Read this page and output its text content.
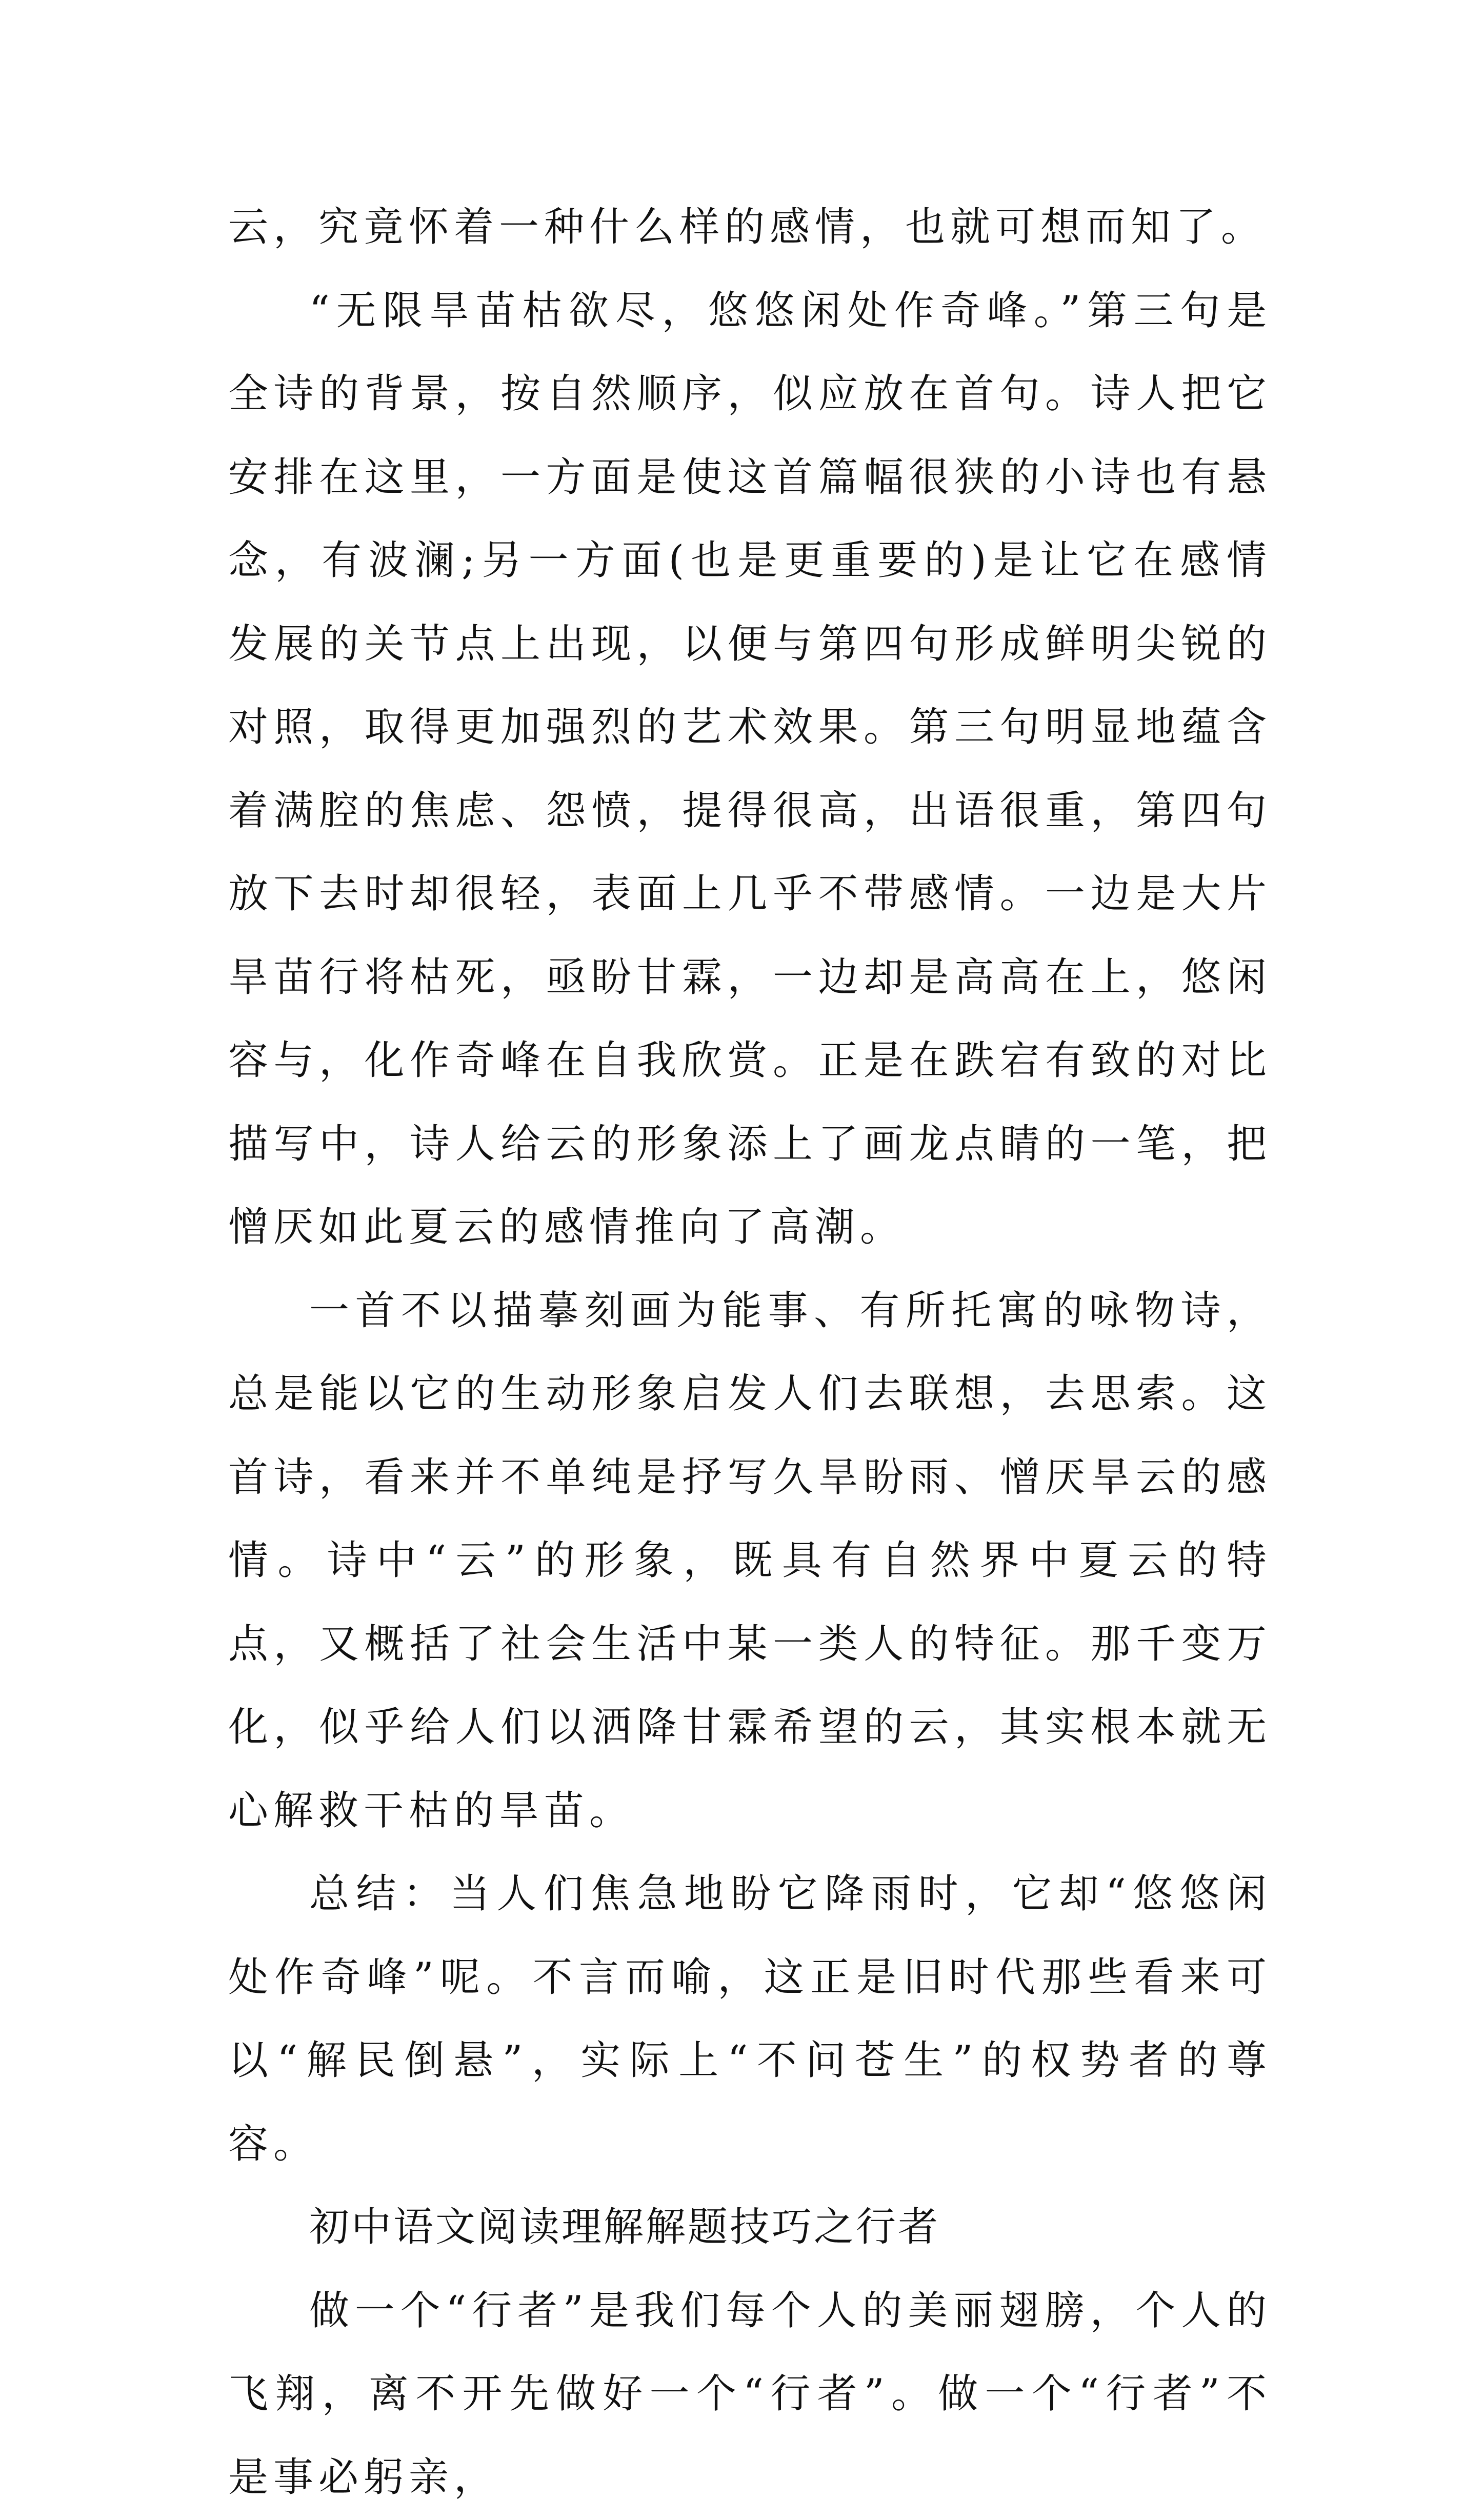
云，究竟怀着一种什么样的感情，也就可想而知了。

“无限旱苗枯欲尽，悠悠闲处作奇峰。”第三句是全诗的背景，按自然顺序，似应放在首句。诗人把它安排在这里，一方面是使这首篇幅很狭的小诗也有悬念，有波澜;另一方面(也是更重要的)是让它在感情发展的关节点上出现，以便与第四句形成鲜明尖锐的对照，取得更加强烈的艺术效果。第三句明显地蕴含着满腔的焦虑、怨愤，提得很高，出语很重，第四句放下去时却很轻，表面上几乎不带感情。一边是大片旱苗行将枯死，亟盼甘霖，一边却是高高在上，悠闲容与，化作奇峰在自我欣赏。正是在跌宕有致的对比描写中，诗人给云的形象添上了画龙点睛的一笔，把憎厌如此夏云的感情推向了高潮。

一首不以描摹刻画为能事、有所托寓的咏物诗，总是能以它的生动形象启发人们去联想，去思索。这首诗，看来并不单纯是抒写久旱盼雨、憎厌旱云的感情。诗中“云”的形象，既具有自然界中夏云的特点，又概括了社会生活中某一类人的特征。那千变万化，似乎给人们以洒降甘霖希望的云，其实根本就无心解救干枯的旱苗。

总结：当人们焦急地盼它降雨时，它却“悠悠闲处作奇峰”呢。不言而喻，这正是旧时代那些看来可以“解民倒悬”，实际上“不问苍生”的权势者的尊容。

初中语文阅读理解解题技巧之行者

做一个“行者”是我们每个人的美丽翅膀，个人的飞翔，离不开先做好一个“行者”。做一个“行者”不是事必躬亲，
